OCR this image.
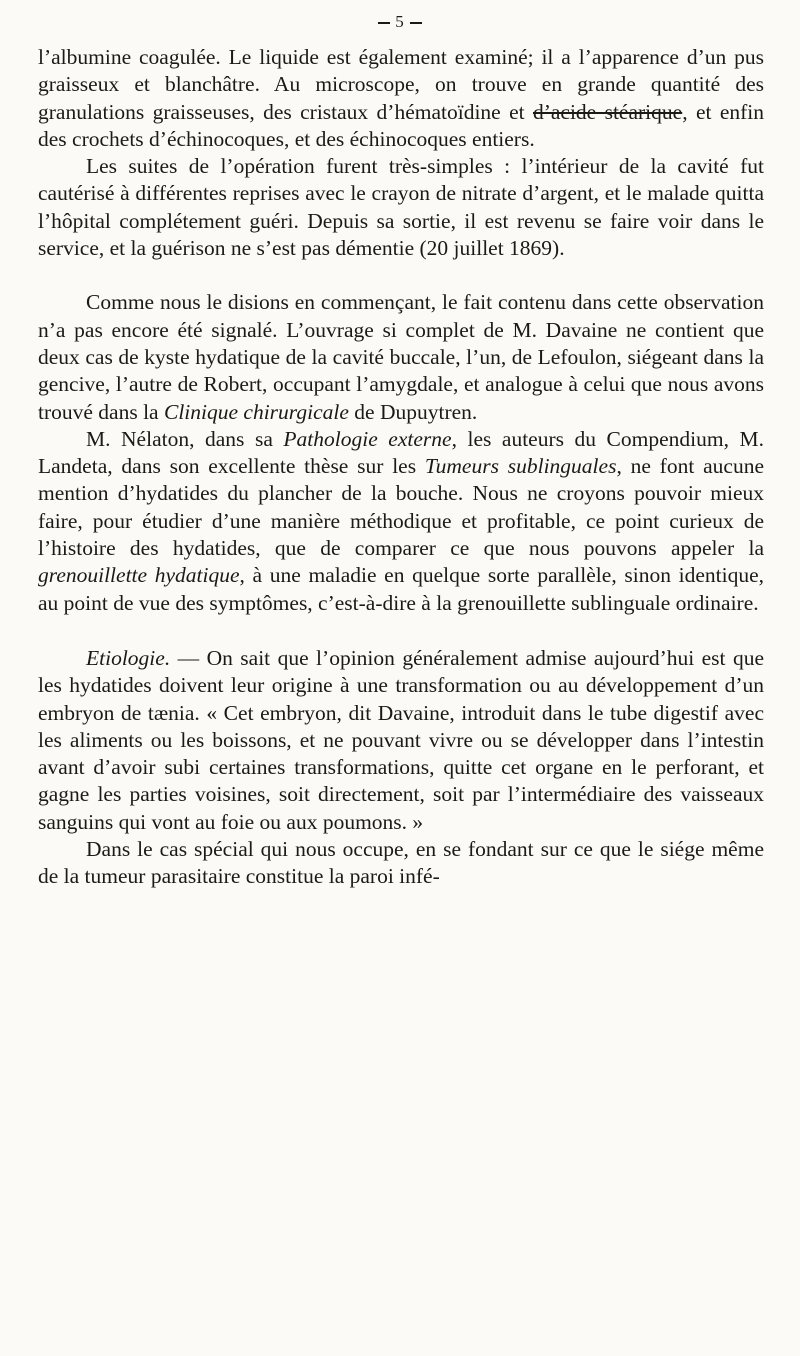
5

l’albumine coagulée. Le liquide est également examiné; il a l’apparence d’un pus graisseux et blanchâtre. Au microscope, on trouve en grande quantité des granulations graisseuses, des cristaux d’hématoïdine et d’acide stéarique, et enfin des crochets d’échinocoques, et des échinocoques entiers.

Les suites de l’opération furent très-simples : l’intérieur de la cavité fut cautérisé à différentes reprises avec le crayon de nitrate d’argent, et le malade quitta l’hôpital complétement guéri. Depuis sa sortie, il est revenu se faire voir dans le service, et la guérison ne s’est pas démentie (20 juillet 1869).

Comme nous le disions en commençant, le fait contenu dans cette observation n’a pas encore été signalé. L’ouvrage si complet de M. Davaine ne contient que deux cas de kyste hydatique de la cavité buccale, l’un, de Lefoulon, siégeant dans la gencive, l’autre de Robert, occupant l’amygdale, et analogue à celui que nous avons trouvé dans la Clinique chirurgicale de Dupuytren.

M. Nélaton, dans sa Pathologie externe, les auteurs du Compendium, M. Landeta, dans son excellente thèse sur les Tumeurs sublinguales, ne font aucune mention d’hydatides du plancher de la bouche. Nous ne croyons pouvoir mieux faire, pour étudier d’une manière méthodique et profitable, ce point curieux de l’histoire des hydatides, que de comparer ce que nous pouvons appeler la grenouillette hydatique, à une maladie en quelque sorte parallèle, sinon identique, au point de vue des symptômes, c’est-à-dire à la grenouillette sublinguale ordinaire.

Etiologie. — On sait que l’opinion généralement admise aujourd’hui est que les hydatides doivent leur origine à une transformation ou au développement d’un embryon de tænia. « Cet embryon, dit Davaine, introduit dans le tube digestif avec les aliments ou les boissons, et ne pouvant vivre ou se développer dans l’intestin avant d’avoir subi certaines transformations, quitte cet organe en le perforant, et gagne les parties voisines, soit directement, soit par l’intermédiaire des vaisseaux sanguins qui vont au foie ou aux poumons. »

Dans le cas spécial qui nous occupe, en se fondant sur ce que le siége même de la tumeur parasitaire constitue la paroi infé-
